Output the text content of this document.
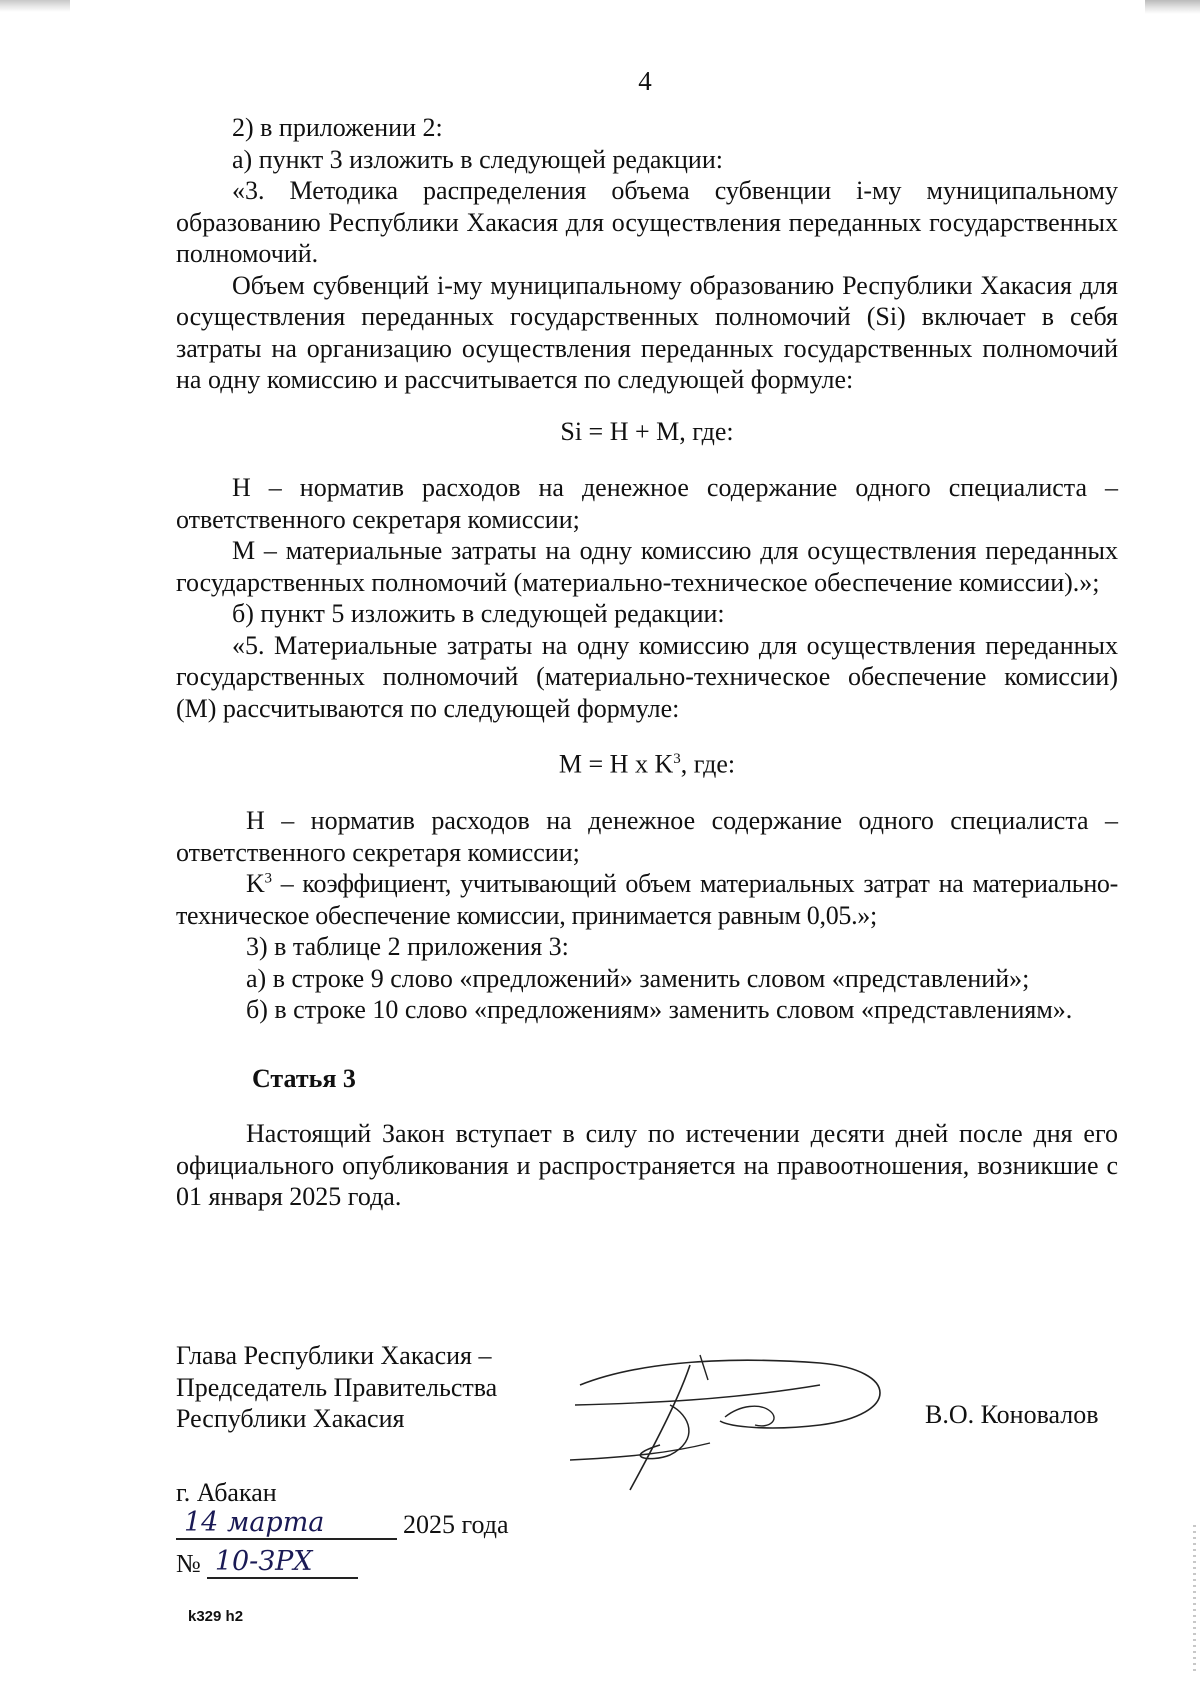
4

2) в приложении 2:

а) пункт 3 изложить в следующей редакции:

«3. Методика распределения объема субвенции i-му муниципальному образованию Республики Хакасия для осуществления переданных государственных полномочий.

Объем субвенций i-му муниципальному образованию Республики Хакасия для осуществления переданных государственных полномочий (Si) включает в себя затраты на организацию осуществления переданных государственных полномочий на одну комиссию и рассчитывается по следующей формуле:

Si = H + M, где:

H – норматив расходов на денежное содержание одного специалиста – ответственного секретаря комиссии;

M – материальные затраты на одну комиссию для осуществления переданных государственных полномочий (материально-техническое обеспечение комиссии).»;

б) пункт 5 изложить в следующей редакции:

«5. Материальные затраты на одну комиссию для осуществления переданных государственных полномочий (материально-техническое обеспечение комиссии) (M) рассчитываются по следующей формуле:

M = H x $K^3$, где:

H – норматив расходов на денежное содержание одного специалиста – ответственного секретаря комиссии;

$K^3$ – коэффициент, учитывающий объем материальных затрат на материально-техническое обеспечение комиссии, принимается равным 0,05.»;

3) в таблице 2 приложения 3:

а) в строке 9 слово «предложений» заменить словом «представлений»;

б) в строке 10 слово «предложениям» заменить словом «представлениям».

Статья 3

Настоящий Закон вступает в силу по истечении десяти дней после дня его официального опубликования и распространяется на правоотношения, возникшие с 01 января 2025 года.

Глава Республики Хакасия –
Председатель Правительства
Республики Хакасия	В.О. Коновалов
г. Абакан
14 марта	2025 года
№ 10-ЗРХ
k329 h2
